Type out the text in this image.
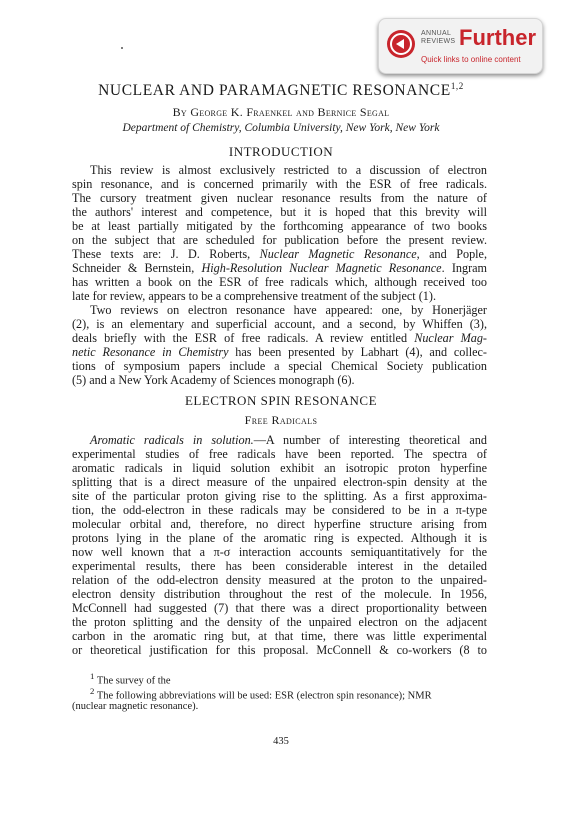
ANNUAL
REVIEWS Further
Quick links to online content
NUCLEAR AND PARAMAGNETIC RESONANCE$^{1,2}$
By George K. Fraenkel and Bernice Segal
Department of Chemistry, Columbia University, New York, New York
INTRODUCTION
This review is almost exclusively restricted to a discussion of electron
spin resonance, and is concerned primarily with the ESR of free radicals.
The cursory treatment given nuclear resonance results from the nature of
the authors' interest and competence, but it is hoped that this brevity will
be at least partially mitigated by the forthcoming appearance of two books
on the subject that are scheduled for publication before the present review.
These texts are: J. D. Roberts, Nuclear Magnetic Resonance, and Pople,
Schneider & Bernstein, High-Resolution Nuclear Magnetic Resonance. Ingram
has written a book on the ESR of free radicals which, although received too
late for review, appears to be a comprehensive treatment of the subject (1).
Two reviews on electron resonance have appeared: one, by Honerjäger
(2), is an elementary and superficial account, and a second, by Whiffen (3),
deals briefly with the ESR of free radicals. A review entitled Nuclear Mag-
netic Resonance in Chemistry has been presented by Labhart (4), and collec-
tions of symposium papers include a special Chemical Society publication
(5) and a New York Academy of Sciences monograph (6).
ELECTRON SPIN RESONANCE
Free Radicals
Aromatic radicals in solution.—A number of interesting theoretical and
experimental studies of free radicals have been reported. The spectra of
aromatic radicals in liquid solution exhibit an isotropic proton hyperfine
splitting that is a direct measure of the unpaired electron-spin density at the
site of the particular proton giving rise to the splitting. As a first approxima-
tion, the odd-electron in these radicals may be considered to be in a π-type
molecular orbital and, therefore, no direct hyperfine structure arising from
protons lying in the plane of the aromatic ring is expected. Although it is
now well known that a π-σ interaction accounts semiquantitatively for the
experimental results, there has been considerable interest in the detailed
relation of the odd-electron density measured at the proton to the unpaired-
electron density distribution throughout the rest of the molecule. In 1956,
McConnell had suggested (7) that there was a direct proportionality between
the proton splitting and the density of the unpaired electron on the adjacent
carbon in the aromatic ring but, at that time, there was little experimental
or theoretical justification for this proposal. McConnell & co-workers (8 to
$^1$ The survey of the
$^2$ The following abbreviations will be used: ESR (electron spin resonance); NMR
(nuclear magnetic resonance).
435
